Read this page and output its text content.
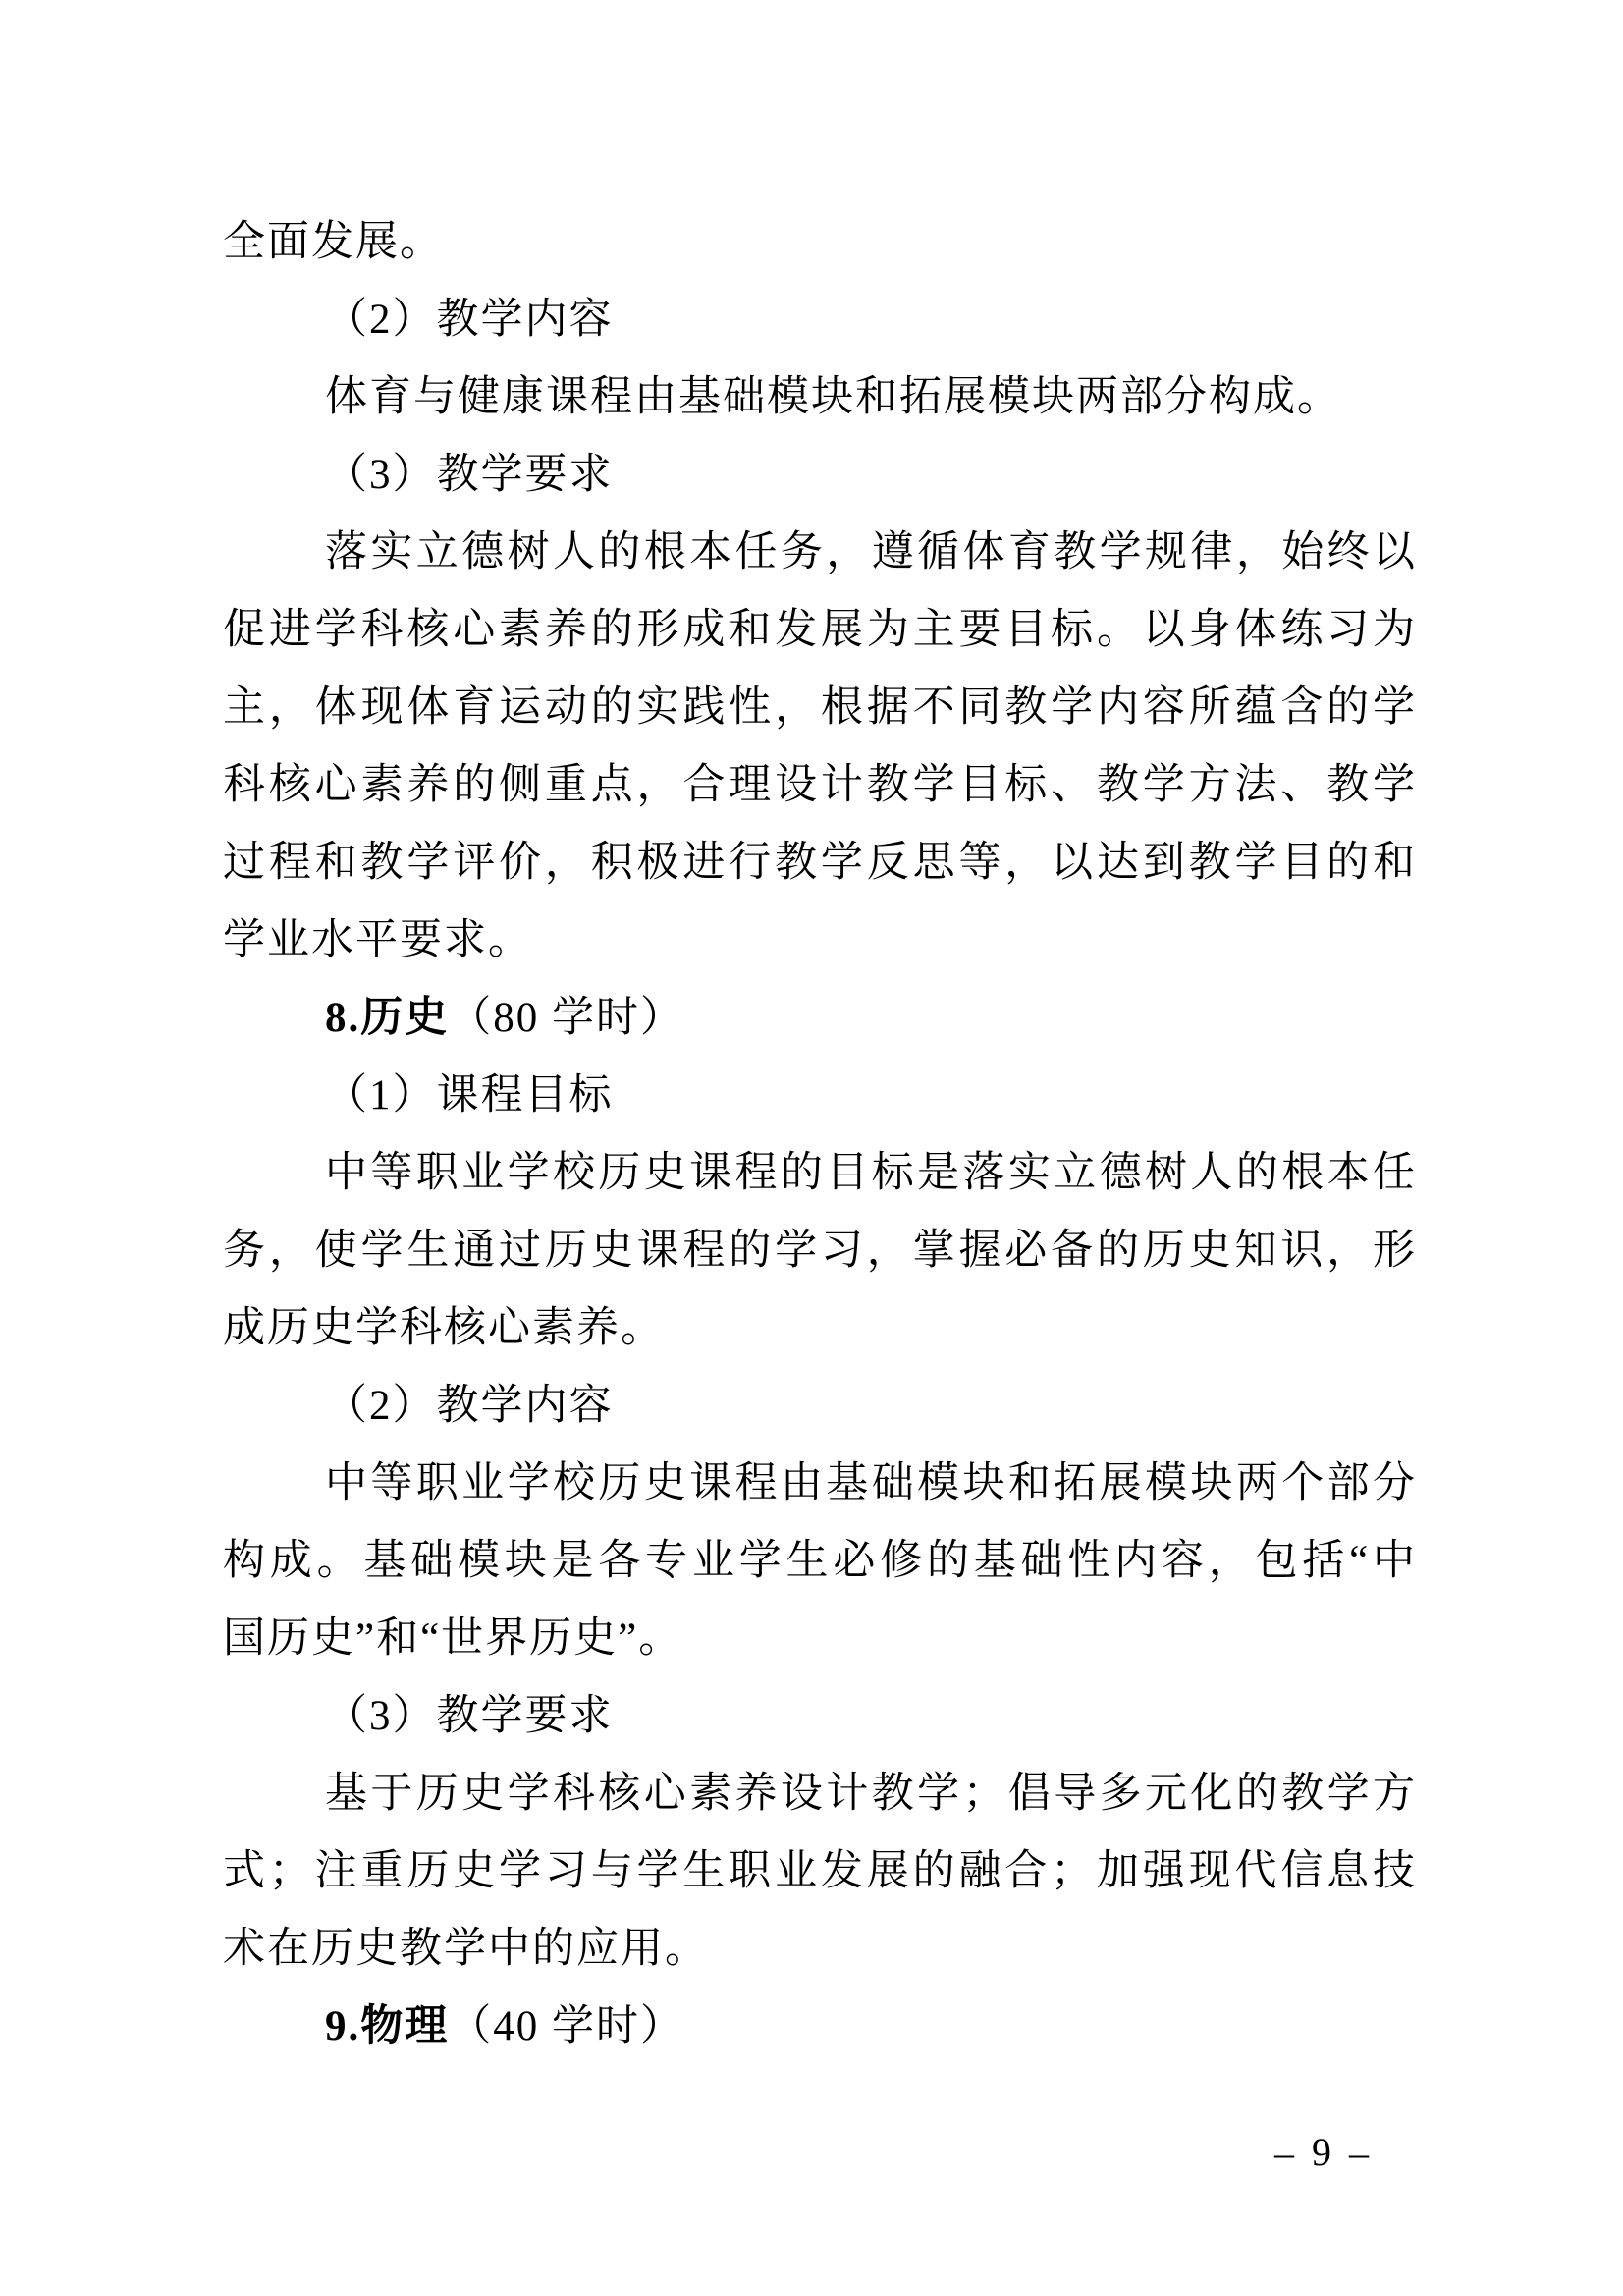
全面发展。
（2）教学内容
体育与健康课程由基础模块和拓展模块两部分构成。
（3）教学要求
落实立德树人的根本任务，遵循体育教学规律，始终以
促进学科核心素养的形成和发展为主要目标。以身体练习为
主，体现体育运动的实践性，根据不同教学内容所蕴含的学
科核心素养的侧重点，合理设计教学目标、教学方法、教学
过程和教学评价，积极进行教学反思等，以达到教学目的和
学业水平要求。
8.历史（80 学时）
（1）课程目标
中等职业学校历史课程的目标是落实立德树人的根本任
务，使学生通过历史课程的学习，掌握必备的历史知识，形
成历史学科核心素养。
（2）教学内容
中等职业学校历史课程由基础模块和拓展模块两个部分
构成。基础模块是各专业学生必修的基础性内容，包括“中
国历史”和“世界历史”。
（3）教学要求
基于历史学科核心素养设计教学；倡导多元化的教学方
式；注重历史学习与学生职业发展的融合；加强现代信息技
术在历史教学中的应用。
9.物理（40 学时）
– 9 –
